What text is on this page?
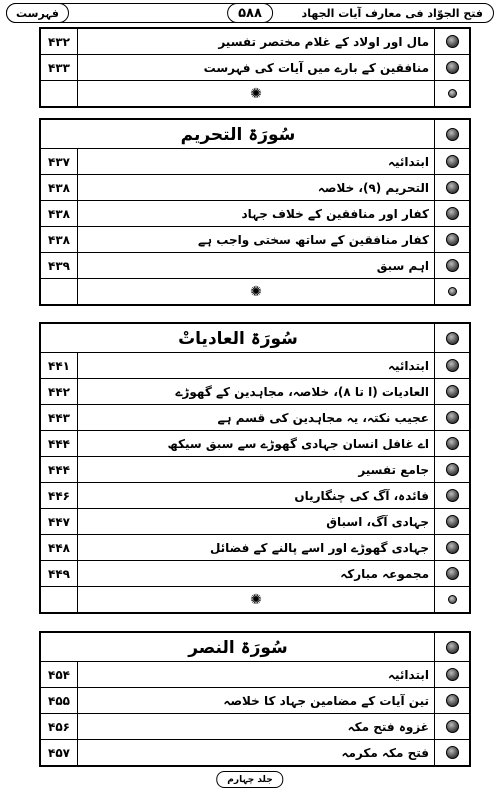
فہرست	۵۸۸	فتح الجوّاد فی معارف آیات الجهاد
۴۳۲	مال اور اولاد کے غلام مختصر تفسیر
۴۳۳	منافقین کے بارے میں آیات کی فہرست
✺
سُورَۃ التحریم
۴۳۷	ابتدائیہ
۴۳۸	التحریم (۹)، خلاصہ
۴۳۸	کفار اور منافقین کے خلاف جہاد
۴۳۸	کفار منافقین کے ساتھ سختی واجب ہے
۴۳۹	اہم سبق
✺
سُورَۃ العادیاتْ
۴۴۱	ابتدائیہ
۴۴۲	العادیات (ا تا ۸)، خلاصہ، مجاہدین کے گھوڑے
۴۴۳	عجیب نکتہ، یہ مجاہدین کی قسم ہے
۴۴۴	اے غافل انسان جہادی گھوڑے سے سبق سیکھ
۴۴۴	جامع تفسیر
۴۴۶	فائدہ، آگ کی چنگاریاں
۴۴۷	جہادی آگ، اسباق
۴۴۸	جہادی گھوڑے اور اسے پالنے کے فضائل
۴۴۹	مجموعہ مبارکہ
✺
سُورَۃ النصر
۴۵۴	ابتدائیہ
۴۵۵	تین آیات کے مضامین جہاد کا خلاصہ
۴۵۶	غزوہ فتح مکہ
۴۵۷	فتح مکہ مکرمہ
جلد چہارم
